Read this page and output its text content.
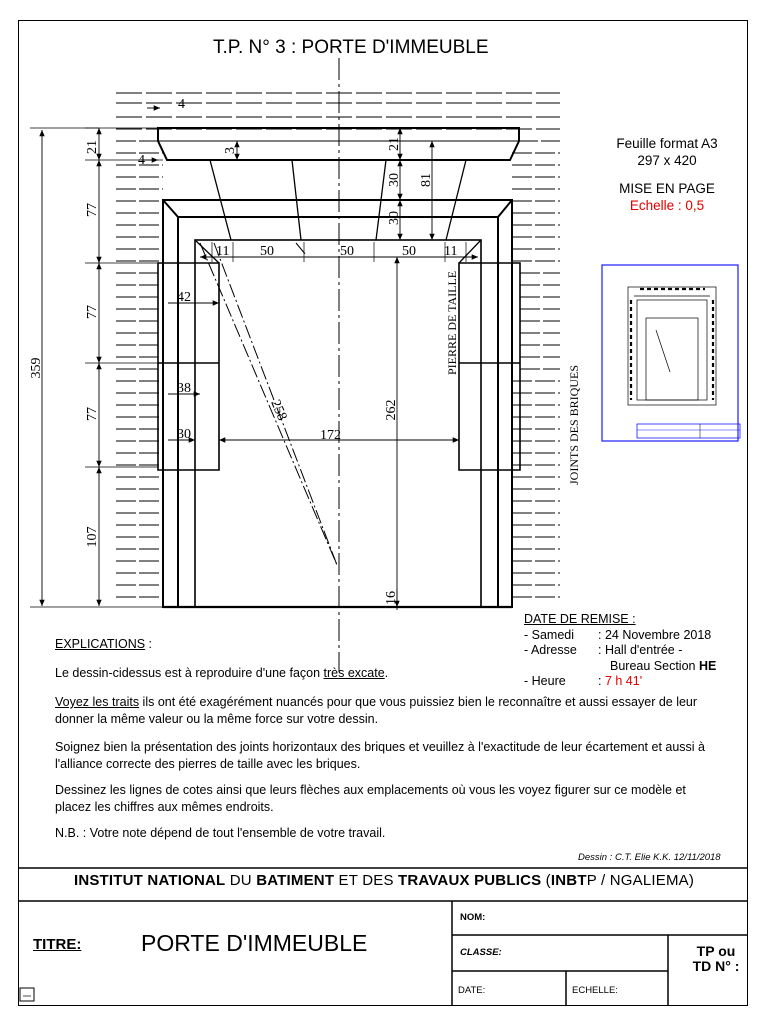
4
4
3
21
77
77
77
107
359
21
30
30
81
11 50	50	50 11
42
38
30
258
172
262
16
PIERRE DE TAILLE
JOINTS DES BRIQUES
T.P. N° 3 : PORTE D'IMMEUBLE
Feuille format A3
297 x 420
MISE EN PAGE
Echelle : 0,5
DATE DE REMISE :
- Samedi : 24 Novembre 2018
- Adresse : Hall d'entrée -
Bureau Section HE
- Heure	: 7 h 41'
EXPLICATIONS :
Le dessin-cidessus est à reproduire d'une façon très excate.
Voyez les traits ils ont été exagérément nuancés pour que vous puissiez bien le reconnaître et aussi essayer de leur donner la même valeur ou la même force sur votre dessin.
Soignez bien la présentation des joints horizontaux des briques et veuillez à l'exactitude de leur écartement et aussi à l'alliance correcte des pierres de taille avec les briques.
Dessinez les lignes de cotes ainsi que leurs flèches aux emplacements où vous les voyez figurer sur ce modèle et placez les chiffres aux mêmes endroits.
N.B. : Votre note dépend de tout l'ensemble de votre travail.
Dessin : C.T. Elie K.K. 12/11/2018
INSTITUT NATIONAL DU BATIMENT ET DES TRAVAUX PUBLICS (INBTP / NGALIEMA)
TITRE:	PORTE D'IMMEUBLE
NOM:
CLASSE:
DATE:	ECHELLE:
TP ou
TD N° :
